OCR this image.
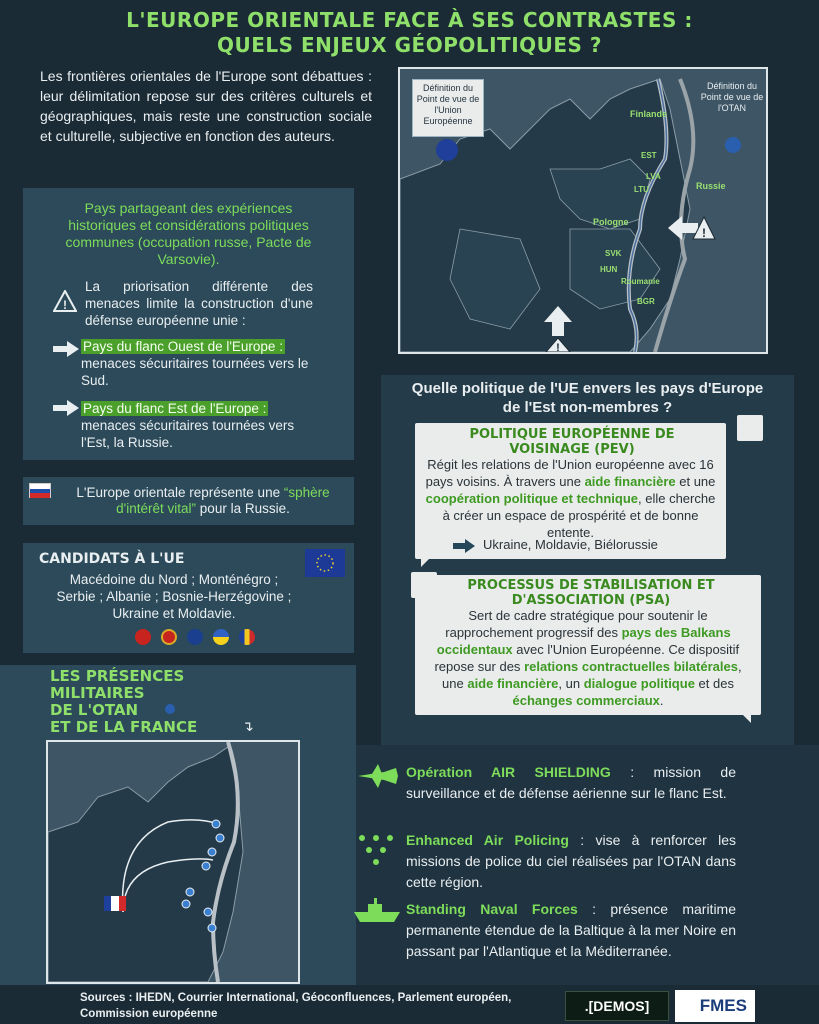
L'EUROPE ORIENTALE FACE À SES CONTRASTES :
QUELS ENJEUX GÉOPOLITIQUES ?
Les frontières orientales de l'Europe sont débattues : leur délimitation repose sur des critères culturels et géographiques, mais reste une construction sociale et culturelle, subjective en fonction des auteurs.
Définition du Point de vue de l'Union Européenne
Définition du Point de vue de l'OTAN
Finlande
EST
LVA
LTU	Russie
Pologne
SVK
HUN
Roumanie
BGR
!
!
Pays partageant des expériences historiques et considérations politiques communes (occupation russe, Pacte de Varsovie).
!
La priorisation différente des menaces limite la construction d'une défense européenne unie :
Pays du flanc Ouest de l'Europe : menaces sécuritaires tournées vers le Sud.
Pays du flanc Est de l'Europe : menaces sécuritaires tournées vers l'Est, la Russie.
L'Europe orientale représente une “sphère d'intérêt vital” pour la Russie.
CANDIDATS À L'UE
Macédoine du Nord ; Monténégro ; Serbie ; Albanie ; Bosnie-Herzégovine ; Ukraine et Moldavie.
Quelle politique de l'UE envers les pays d'Europe de l'Est non-membres ?
POLITIQUE EUROPÉENNE DE VOISINAGE (PEV)
Régit les relations de l'Union européenne avec 16 pays voisins. À travers une aide financière et une coopération politique et technique, elle cherche à créer un espace de prospérité et de bonne entente.
Ukraine, Moldavie, Biélorussie
PROCESSUS DE STABILISATION ET D'ASSOCIATION (PSA)
Sert de cadre stratégique pour soutenir le rapprochement progressif des pays des Balkans occidentaux avec l'Union Européenne. Ce dispositif repose sur des relations contractuelles bilatérales, une aide financière, un dialogue politique et des échanges commerciaux.
LES PRÉSENCES
MILITAIRES
DE L'OTAN
ET DE LA FRANCE	↴
Opération AIR SHIELDING : mission de surveillance et de défense aérienne sur le flanc Est.
Enhanced Air Policing : vise à renforcer les missions de police du ciel réalisées par l'OTAN dans cette région.
Standing Naval Forces : présence maritime permanente étendue de la Baltique à la mer Noire en passant par l'Atlantique et la Méditerranée.
Sources : IHEDN, Courrier International, Géoconfluences, Parlement européen, Commission européenne	.[DEMOS]	FMES
